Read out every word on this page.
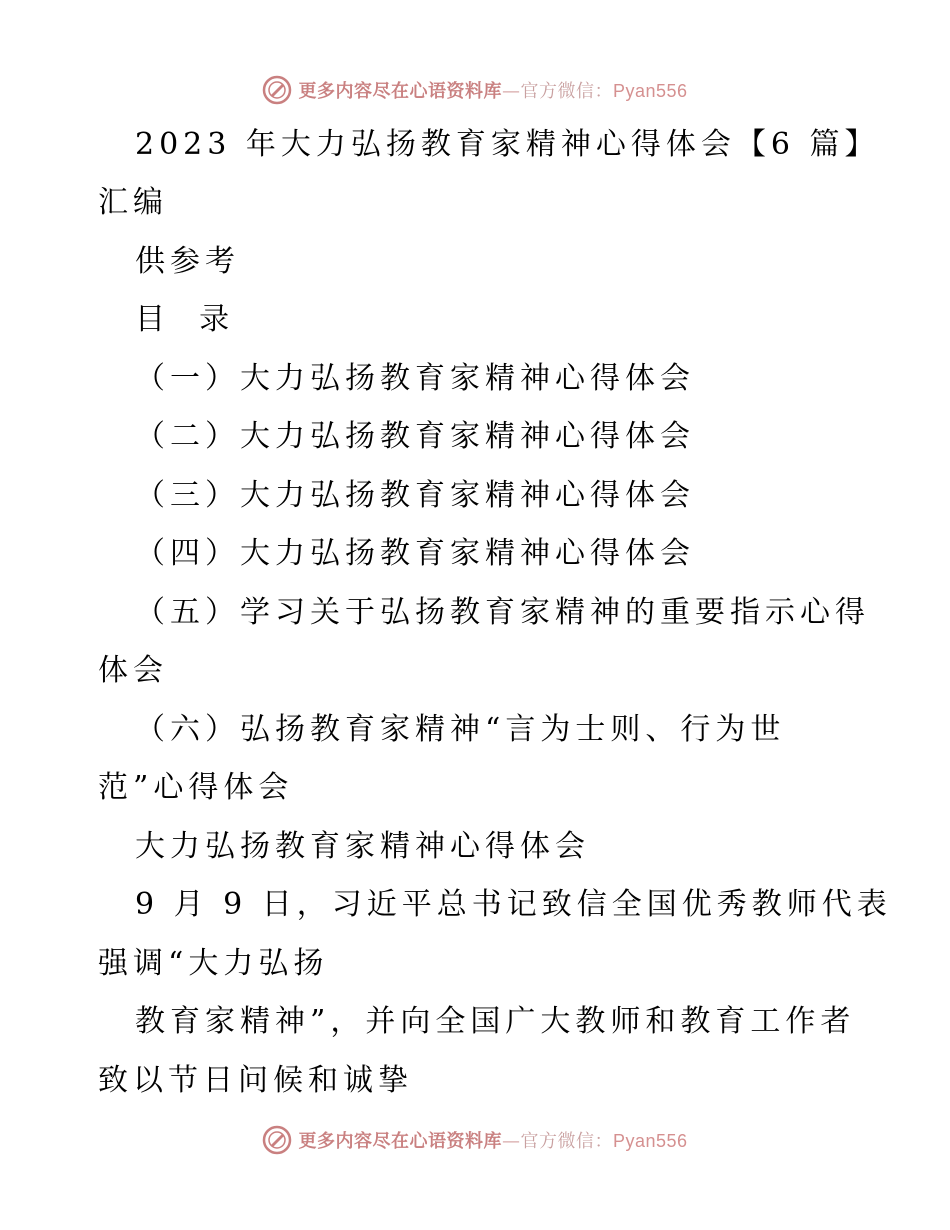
更多内容尽在心语资料库—官方微信：Pyan556
2023 年大力弘扬教育家精神心得体会【6 篇】
汇编
供参考
目  录
（一）大力弘扬教育家精神心得体会
（二）大力弘扬教育家精神心得体会
（三）大力弘扬教育家精神心得体会
（四）大力弘扬教育家精神心得体会
（五）学习关于弘扬教育家精神的重要指示心得
体会
（六）弘扬教育家精神“言为士则、行为世
范”心得体会
大力弘扬教育家精神心得体会
9 月 9 日，习近平总书记致信全国优秀教师代表
强调“大力弘扬
教育家精神”，并向全国广大教师和教育工作者
致以节日问候和诚挚
更多内容尽在心语资料库—官方微信：Pyan556
